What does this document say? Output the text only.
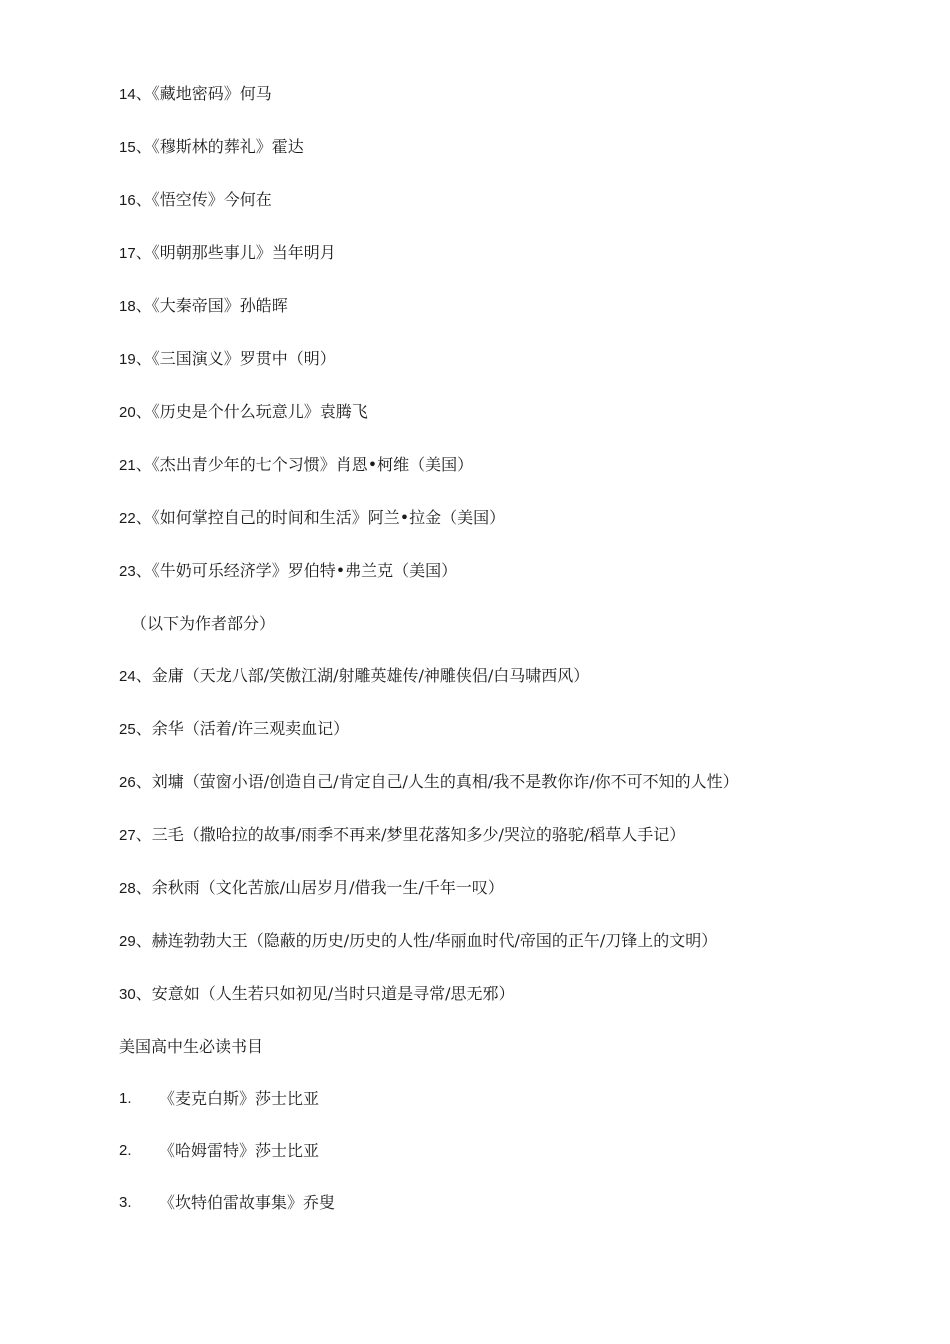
14、《藏地密码》何马
15、《穆斯林的葬礼》霍达
16、《悟空传》今何在
17、《明朝那些事儿》当年明月
18、《大秦帝国》孙皓晖
19、《三国演义》罗贯中（明）
20、《历史是个什么玩意儿》袁腾飞
21、《杰出青少年的七个习惯》肖恩•柯维（美国）
22、《如何掌控自己的时间和生活》阿兰•拉金（美国）
23、《牛奶可乐经济学》罗伯特•弗兰克（美国）
（以下为作者部分）
24、金庸（天龙八部/笑傲江湖/射雕英雄传/神雕侠侣/白马啸西风）
25、余华（活着/许三观卖血记）
26、刘墉（萤窗小语/创造自己/肯定自己/人生的真相/我不是教你诈/你不可不知的人性）
27、三毛（撒哈拉的故事/雨季不再来/梦里花落知多少/哭泣的骆驼/稻草人手记）
28、余秋雨（文化苦旅/山居岁月/借我一生/千年一叹）
29、赫连勃勃大王（隐蔽的历史/历史的人性/华丽血时代/帝国的正午/刀锋上的文明）
30、安意如（人生若只如初见/当时只道是寻常/思无邪）
美国高中生必读书目
1.	《麦克白斯》莎士比亚
2.	《哈姆雷特》莎士比亚
3.	《坎特伯雷故事集》乔叟
